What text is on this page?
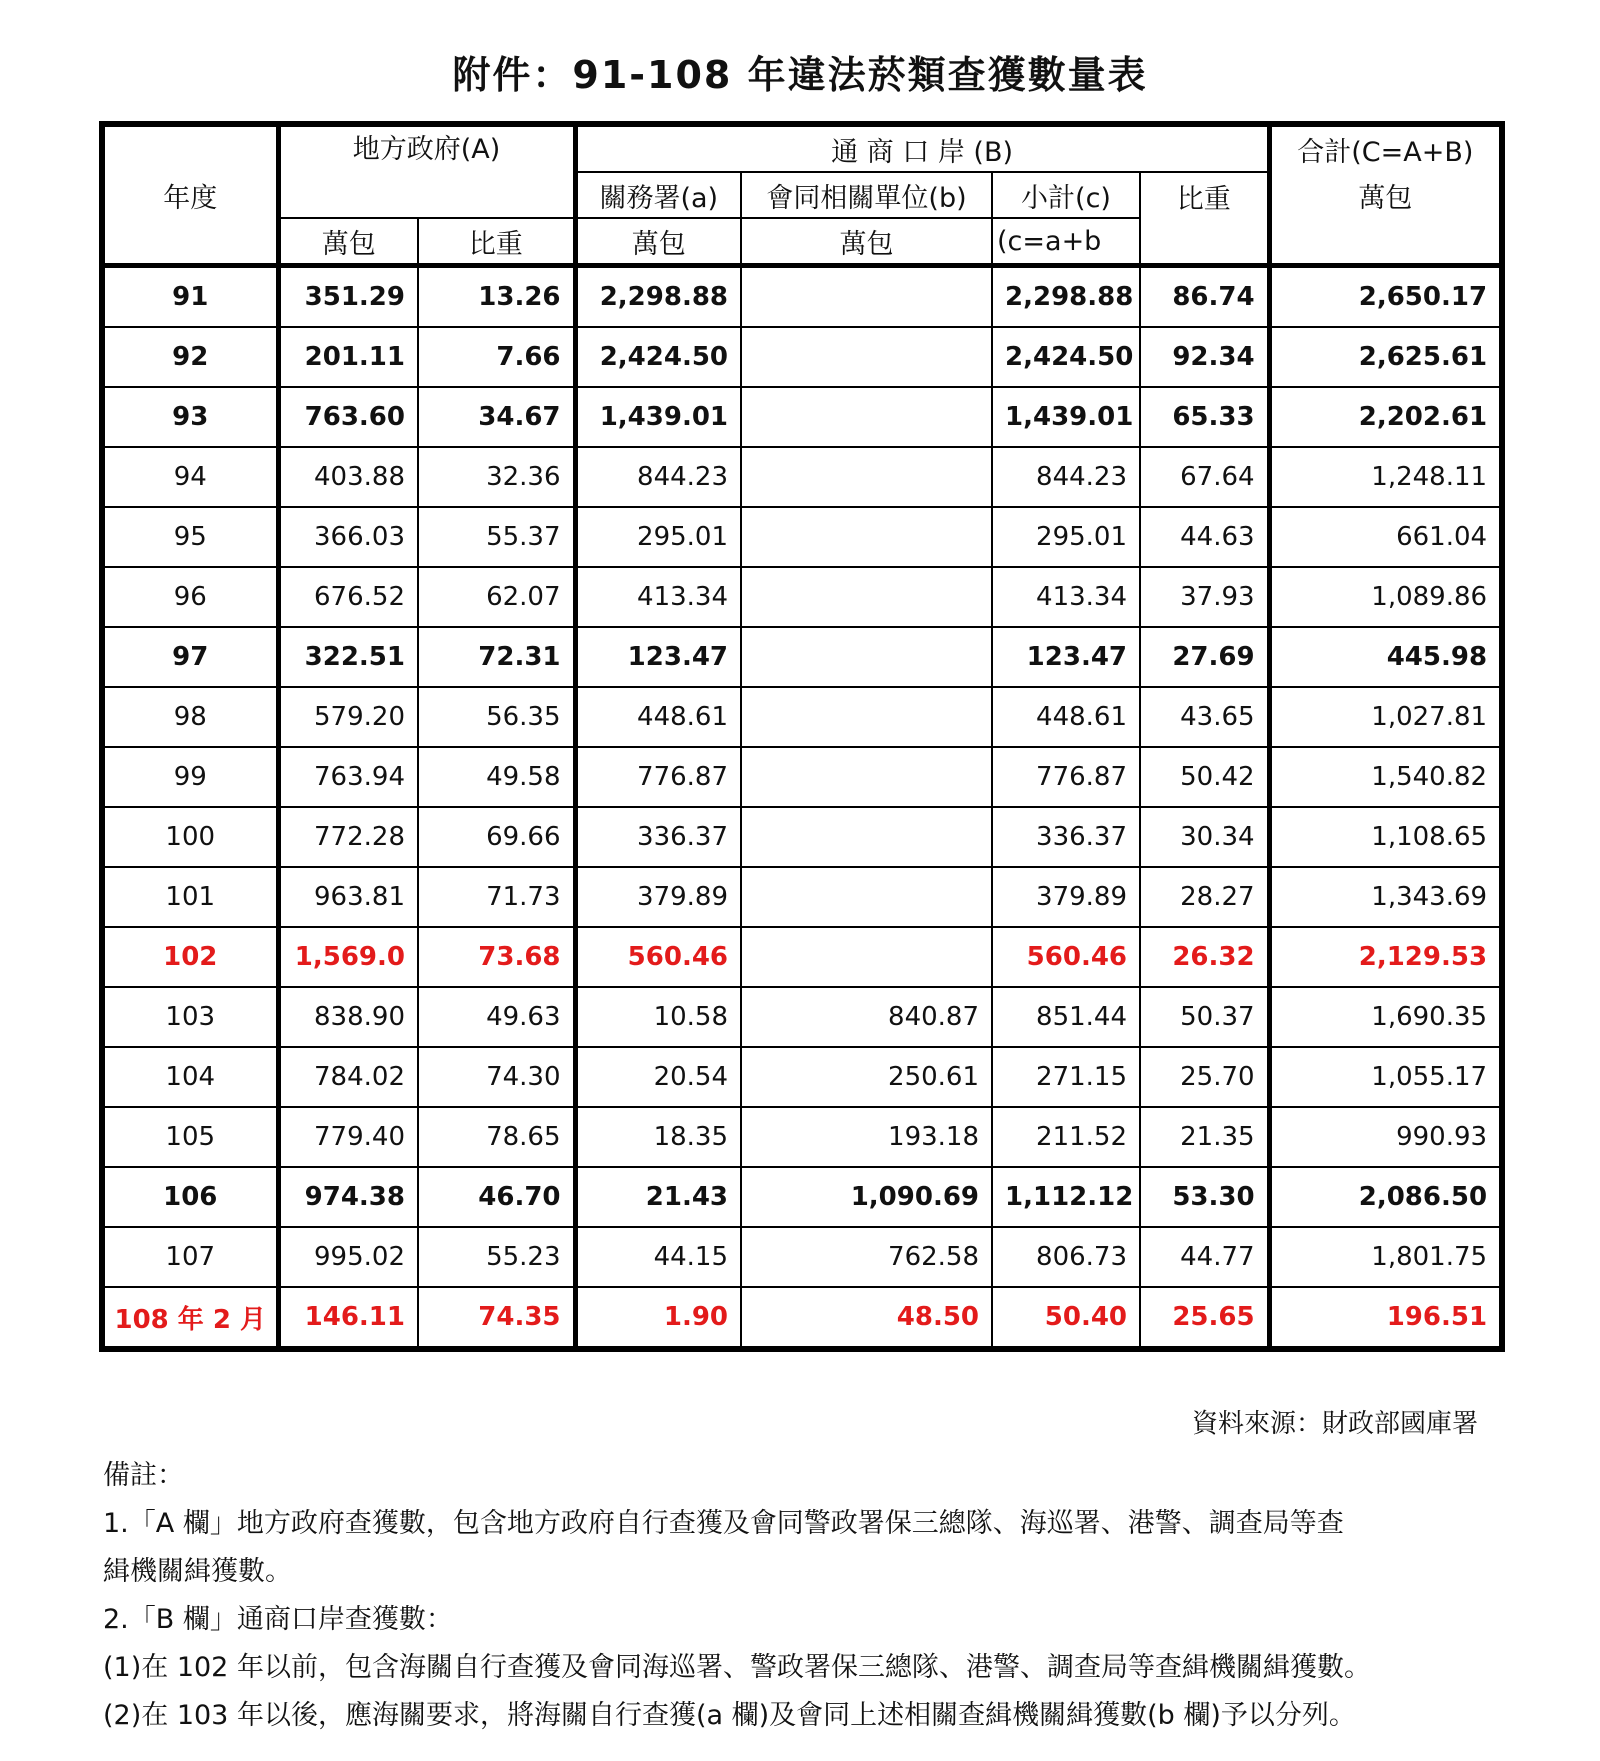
附件：91-108 年違法菸類查獲數量表
年度	地方政府(A)		通 商 口 岸 (B)				合計(C=A+B)
			關務署(a)	會同相關單位(b)	小計(c)	比重	萬包
	萬包	比重	萬包	萬包	(c=a+b		
91	351.29	13.26	2,298.88		2,298.88	86.74	2,650.17
92	201.11	7.66	2,424.50		2,424.50	92.34	2,625.61
93	763.60	34.67	1,439.01		1,439.01	65.33	2,202.61
94	403.88	32.36	844.23		844.23	67.64	1,248.11
95	366.03	55.37	295.01		295.01	44.63	661.04
96	676.52	62.07	413.34		413.34	37.93	1,089.86
97	322.51	72.31	123.47		123.47	27.69	445.98
98	579.20	56.35	448.61		448.61	43.65	1,027.81
99	763.94	49.58	776.87		776.87	50.42	1,540.82
100	772.28	69.66	336.37		336.37	30.34	1,108.65
101	963.81	71.73	379.89		379.89	28.27	1,343.69
102	1,569.0	73.68	560.46		560.46	26.32	2,129.53
103	838.90	49.63	10.58	840.87	851.44	50.37	1,690.35
104	784.02	74.30	20.54	250.61	271.15	25.70	1,055.17
105	779.40	78.65	18.35	193.18	211.52	21.35	990.93
106	974.38	46.70	21.43	1,090.69	1,112.12	53.30	2,086.50
107	995.02	55.23	44.15	762.58	806.73	44.77	1,801.75
108 年 2 月	146.11	74.35	1.90	48.50	50.40	25.65	196.51
資料來源：財政部國庫署

備註：

1.「A 欄」地方政府查獲數，包含地方政府自行查獲及會同警政署保三總隊、海巡署、港警、調查局等查

緝機關緝獲數。

2.「B 欄」通商口岸查獲數：

(1)在 102 年以前，包含海關自行查獲及會同海巡署、警政署保三總隊、港警、調查局等查緝機關緝獲數。

(2)在 103 年以後，應海關要求，將海關自行查獲(a 欄)及會同上述相關查緝機關緝獲數(b 欄)予以分列。
